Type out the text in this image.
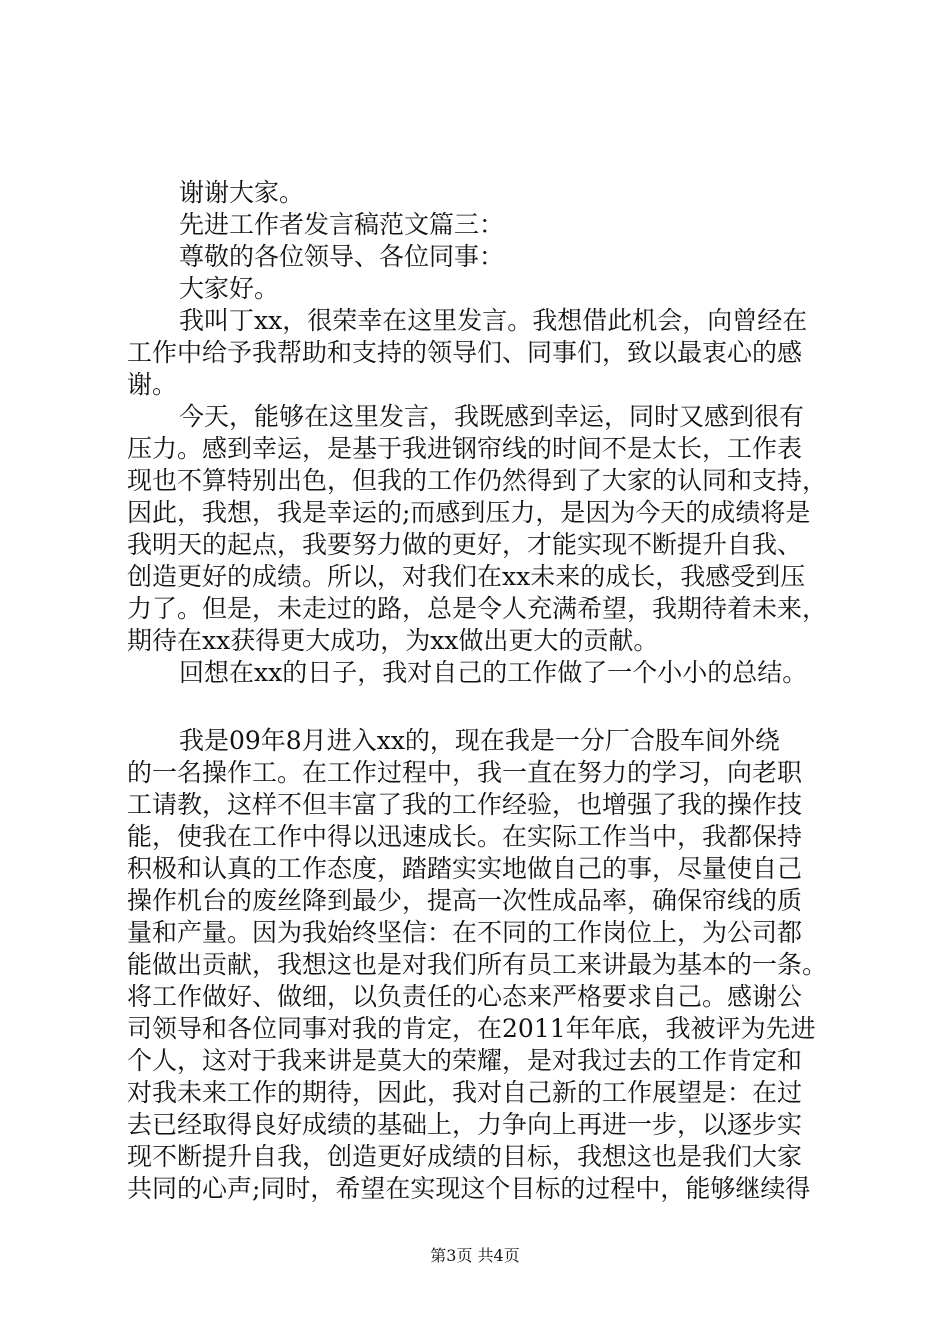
谢谢大家。
先进工作者发言稿范文篇三：
尊敬的各位领导、各位同事：
大家好。
我叫丁xx，很荣幸在这里发言。我想借此机会，向曾经在
工作中给予我帮助和支持的领导们、同事们，致以最衷心的感
谢。
今天，能够在这里发言，我既感到幸运，同时又感到很有
压力。感到幸运，是基于我进钢帘线的时间不是太长，工作表
现也不算特别出色，但我的工作仍然得到了大家的认同和支持，
因此，我想，我是幸运的;而感到压力，是因为今天的成绩将是
我明天的起点，我要努力做的更好，才能实现不断提升自我、
创造更好的成绩。所以，对我们在xx未来的成长，我感受到压
力了。但是，未走过的路，总是令人充满希望，我期待着未来，
期待在xx获得更大成功，为xx做出更大的贡献。
回想在xx的日子，我对自己的工作做了一个小小的总结。
我是09年8月进入xx的，现在我是一分厂合股车间外绕
的一名操作工。在工作过程中，我一直在努力的学习，向老职
工请教，这样不但丰富了我的工作经验，也增强了我的操作技
能，使我在工作中得以迅速成长。在实际工作当中，我都保持
积极和认真的工作态度，踏踏实实地做自己的事，尽量使自己
操作机台的废丝降到最少，提高一次性成品率，确保帘线的质
量和产量。因为我始终坚信：在不同的工作岗位上，为公司都
能做出贡献，我想这也是对我们所有员工来讲最为基本的一条。
将工作做好、做细，以负责任的心态来严格要求自己。感谢公
司领导和各位同事对我的肯定，在2011年年底，我被评为先进
个人，这对于我来讲是莫大的荣耀，是对我过去的工作肯定和
对我未来工作的期待，因此，我对自己新的工作展望是：在过
去已经取得良好成绩的基础上，力争向上再进一步，以逐步实
现不断提升自我，创造更好成绩的目标，我想这也是我们大家
共同的心声;同时，希望在实现这个目标的过程中，能够继续得
第3页 共4页
